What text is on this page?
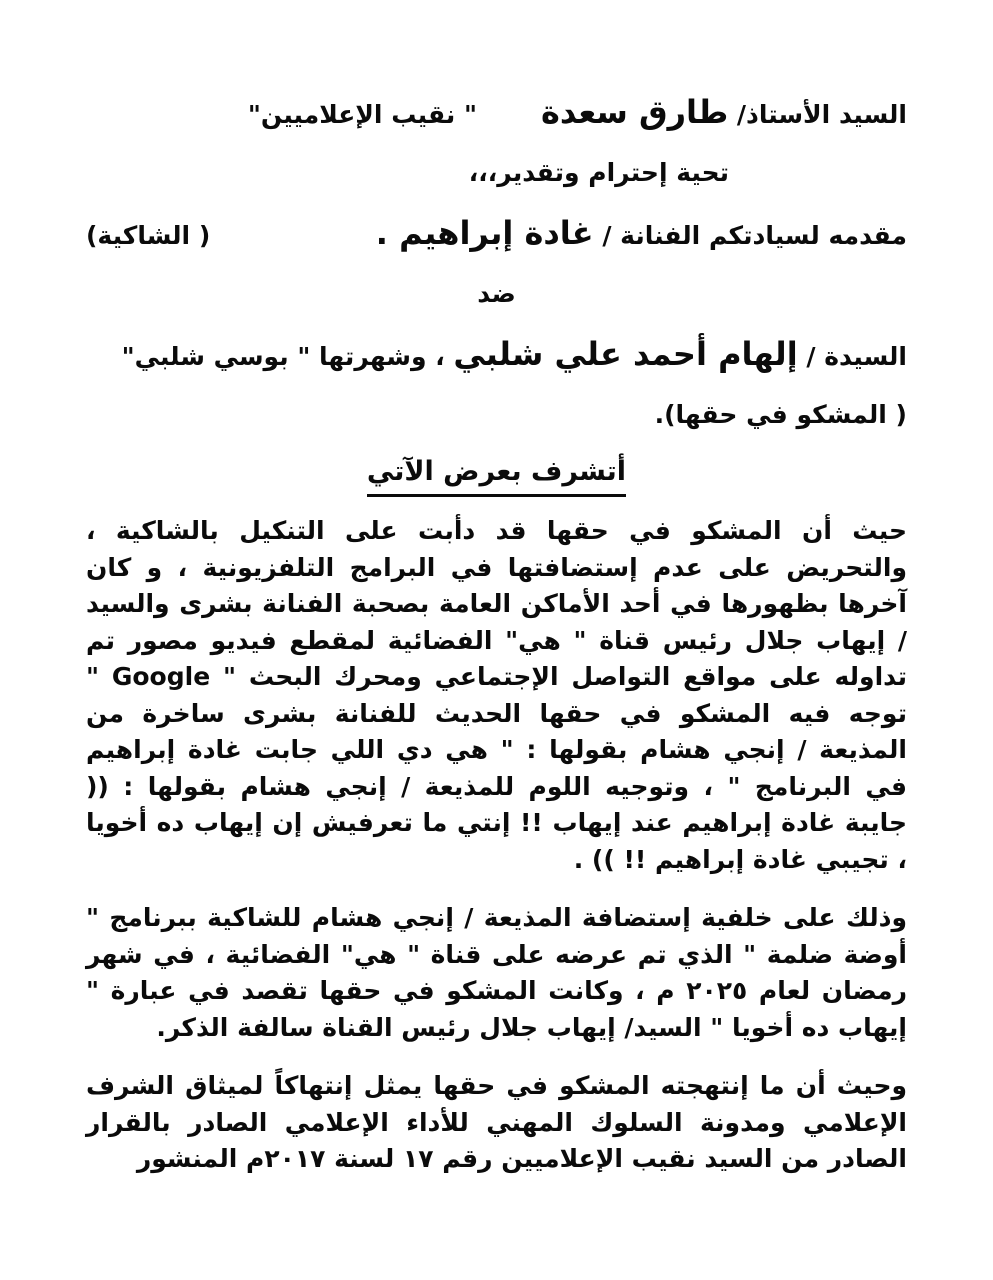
السيد الأستاذ/ طارق سعدة
" نقيب الإعلاميين"
تحية إحترام وتقدير،،،
مقدمه لسيادتكم الفنانة / غادة إبراهيم .
( الشاكية)
ضد
السيدة / إلهام أحمد علي شلبي ، وشهرتها " بوسي شلبي"
( المشكو في حقها).
أتشرف بعرض الآتي

حيث أن المشكو في حقها قد دأبت على التنكيل بالشاكية ، والتحريض على عدم إستضافتها في البرامج التلفزيونية ، و كان آخرها بظهورها في أحد الأماكن العامة بصحبة الفنانة بشرى والسيد / إيهاب جلال رئيس قناة " هي" الفضائية لمقطع فيديو مصور تم تداوله على مواقع التواصل الإجتماعي ومحرك البحث " Google " توجه فيه المشكو في حقها الحديث للفنانة بشرى ساخرة من المذيعة / إنجي هشام بقولها : " هي دي اللي جابت غادة إبراهيم في البرنامج " ، وتوجيه اللوم للمذيعة / إنجي هشام بقولها : (( جايبة غادة إبراهيم عند إيهاب !! إنتي ما تعرفيش إن إيهاب ده أخويا ، تجيبي غادة إبراهيم !! )) .

وذلك على خلفية إستضافة المذيعة / إنجي هشام للشاكية ببرنامج " أوضة ضلمة " الذي تم عرضه على قناة " هي" الفضائية ، في شهر رمضان لعام ٢٠٢٥ م ، وكانت المشكو في حقها تقصد في عبارة " إيهاب ده أخويا " السيد/ إيهاب جلال رئيس القناة سالفة الذكر.

وحيث أن ما إنتهجته المشكو في حقها يمثل إنتهاكاً لميثاق الشرف الإعلامي ومدونة السلوك المهني للأداء الإعلامي الصادر بالقرار الصادر من السيد نقيب الإعلاميين رقم ١٧ لسنة ٢٠١٧م المنشور
